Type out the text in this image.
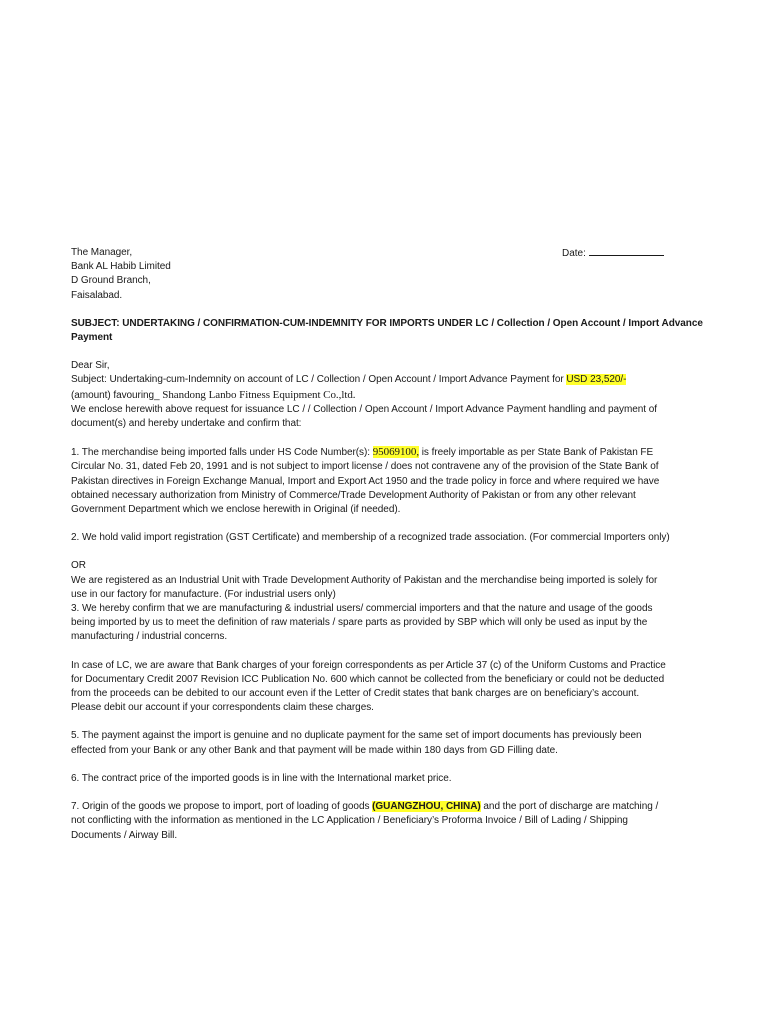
Date:
The Manager,
Bank AL Habib Limited
D Ground Branch,
Faisalabad.
SUBJECT: UNDERTAKING / CONFIRMATION-CUM-INDEMNITY FOR IMPORTS UNDER LC / Collection / Open Account / Import Advance
Payment
Dear Sir,
Subject: Undertaking-cum-Indemnity on account of LC / Collection / Open Account / Import Advance Payment for USD 23,520/-
(amount) favouring_ Shandong Lanbo Fitness Equipment Co.,ltd.
We enclose herewith above request for issuance LC / / Collection / Open Account / Import Advance Payment handling and payment of
document(s) and hereby undertake and confirm that:
1. The merchandise being imported falls under HS Code Number(s): 95069100, is freely importable as per State Bank of Pakistan FE
Circular No. 31, dated Feb 20, 1991 and is not subject to import license / does not contravene any of the provision of the State Bank of
Pakistan directives in Foreign Exchange Manual, Import and Export Act 1950 and the trade policy in force and where required we have
obtained necessary authorization from Ministry of Commerce/Trade Development Authority of Pakistan or from any other relevant
Government Department which we enclose herewith in Original (if needed).
2. We hold valid import registration (GST Certificate) and membership of a recognized trade association. (For commercial Importers only)
OR
We are registered as an Industrial Unit with Trade Development Authority of Pakistan and the merchandise being imported is solely for
use in our factory for manufacture. (For industrial users only)
3. We hereby confirm that we are manufacturing & industrial users/ commercial importers and that the nature and usage of the goods
being imported by us to meet the definition of raw materials / spare parts as provided by SBP which will only be used as input by the
manufacturing / industrial concerns.
In case of LC, we are aware that Bank charges of your foreign correspondents as per Article 37 (c) of the Uniform Customs and Practice
for Documentary Credit 2007 Revision ICC Publication No. 600 which cannot be collected from the beneficiary or could not be deducted
from the proceeds can be debited to our account even if the Letter of Credit states that bank charges are on beneficiary’s account.
Please debit our account if your correspondents claim these charges.
5. The payment against the import is genuine and no duplicate payment for the same set of import documents has previously been
effected from your Bank or any other Bank and that payment will be made within 180 days from GD Filling date.
6. The contract price of the imported goods is in line with the International market price.
7. Origin of the goods we propose to import, port of loading of goods (GUANGZHOU, CHINA) and the port of discharge are matching /
not conflicting with the information as mentioned in the LC Application / Beneficiary’s Proforma Invoice / Bill of Lading / Shipping
Documents / Airway Bill.
